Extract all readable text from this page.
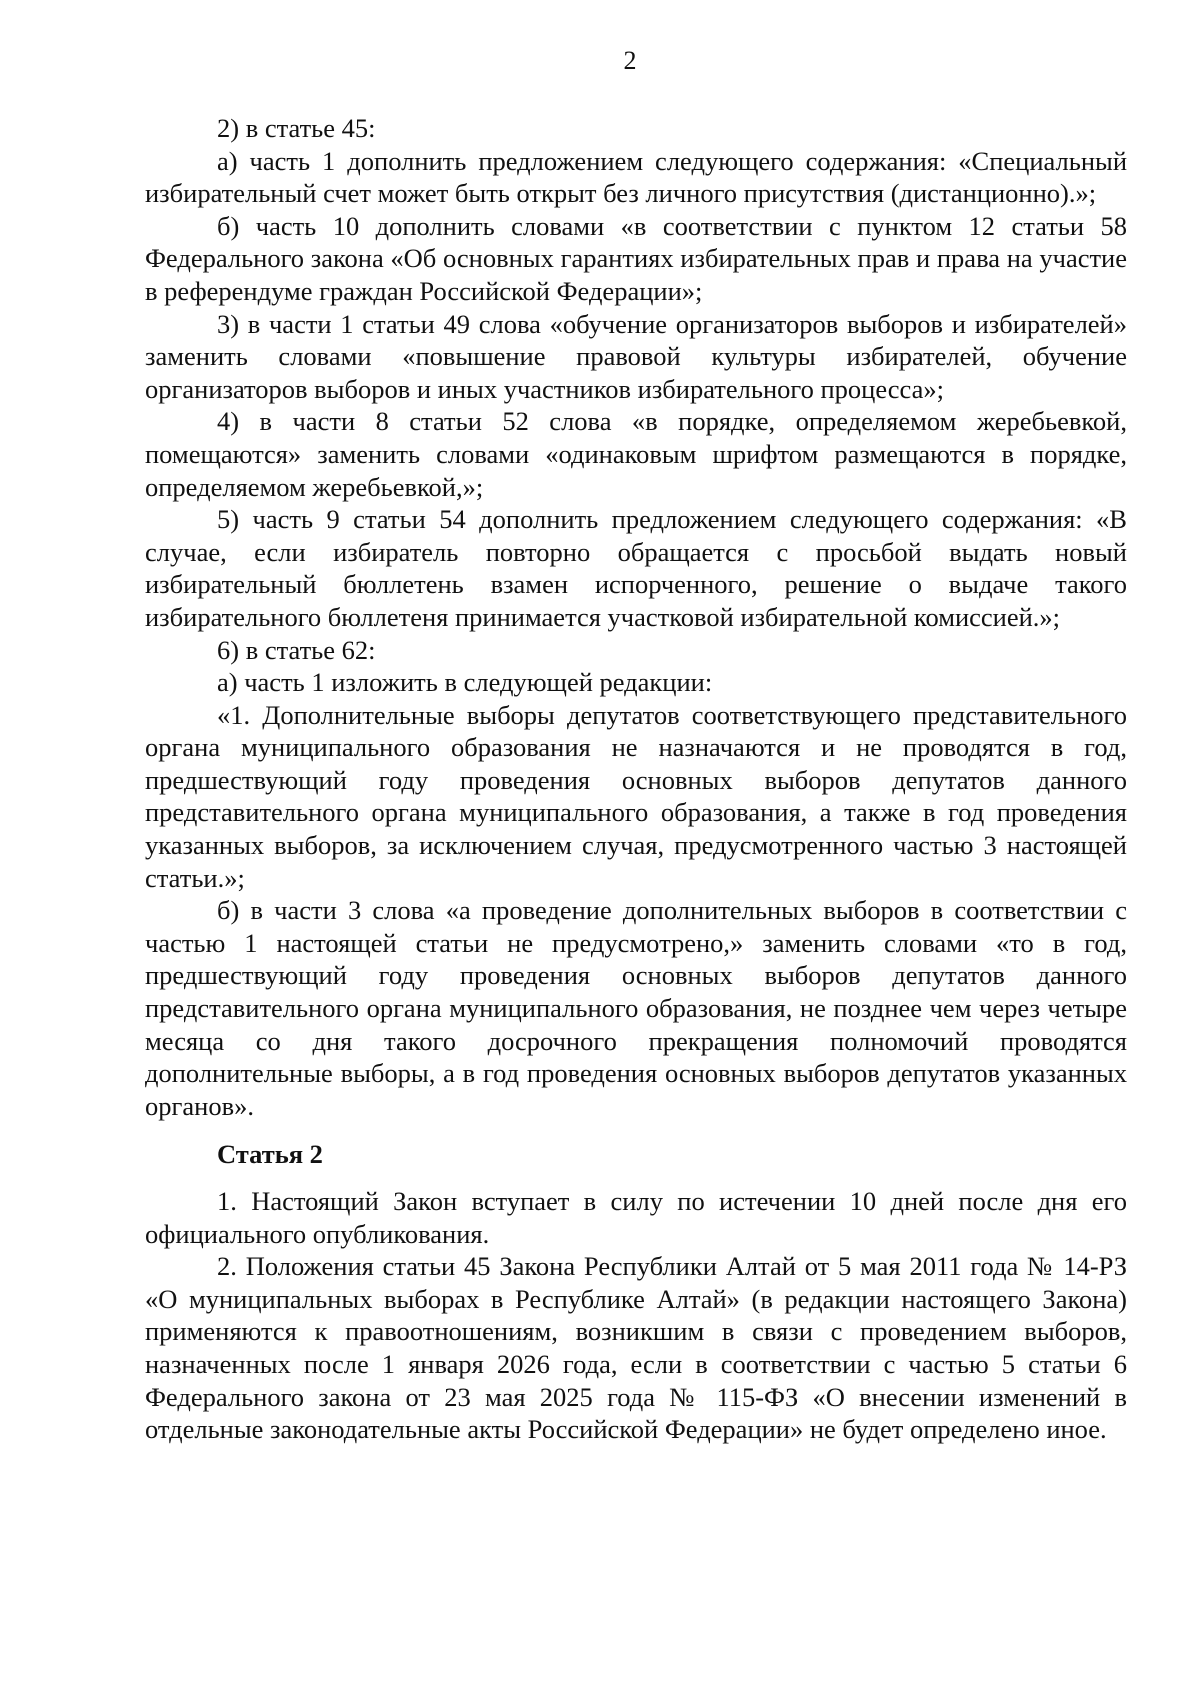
2

2) в статье 45:

а) часть 1 дополнить предложением следующего содержания: «Специальный избирательный счет может быть открыт без личного присутствия (дистанционно).»;

б) часть 10 дополнить словами «в соответствии с пунктом 12 статьи 58 Федерального закона «Об основных гарантиях избирательных прав и права на участие в референдуме граждан Российской Федерации»;

3) в части 1 статьи 49 слова «обучение организаторов выборов и избирателей» заменить словами «повышение правовой культуры избирателей, обучение организаторов выборов и иных участников избирательного процесса»;

4) в части 8 статьи 52 слова «в порядке, определяемом жеребьевкой, помещаются» заменить словами «одинаковым шрифтом размещаются в порядке, определяемом жеребьевкой,»;

5) часть 9 статьи 54 дополнить предложением следующего содержания: «В случае, если избиратель повторно обращается с просьбой выдать новый избирательный бюллетень взамен испорченного, решение о выдаче такого избирательного бюллетеня принимается участковой избирательной комиссией.»;

6) в статье 62:

а) часть 1 изложить в следующей редакции:

«1. Дополнительные выборы депутатов соответствующего представительного органа муниципального образования не назначаются и не проводятся в год, предшествующий году проведения основных выборов депутатов данного представительного органа муниципального образования, а также в год проведения указанных выборов, за исключением случая, предусмотренного частью 3 настоящей статьи.»;

б) в части 3 слова «а проведение дополнительных выборов в соответствии с частью 1 настоящей статьи не предусмотрено,» заменить словами «то в год, предшествующий году проведения основных выборов депутатов данного представительного органа муниципального образования, не позднее чем через четыре месяца со дня такого досрочного прекращения полномочий проводятся дополнительные выборы, а в год проведения основных выборов депутатов указанных органов».

Статья 2

1. Настоящий Закон вступает в силу по истечении 10 дней после дня его официального опубликования.

2. Положения статьи 45 Закона Республики Алтай от 5 мая 2011 года № 14-РЗ «О муниципальных выборах в Республике Алтай» (в редакции настоящего Закона) применяются к правоотношениям, возникшим в связи с проведением выборов, назначенных после 1 января 2026 года, если в соответствии с частью 5 статьи 6 Федерального закона от 23 мая 2025 года № 115-ФЗ «О внесении изменений в отдельные законодательные акты Российской Федерации» не будет определено иное.
